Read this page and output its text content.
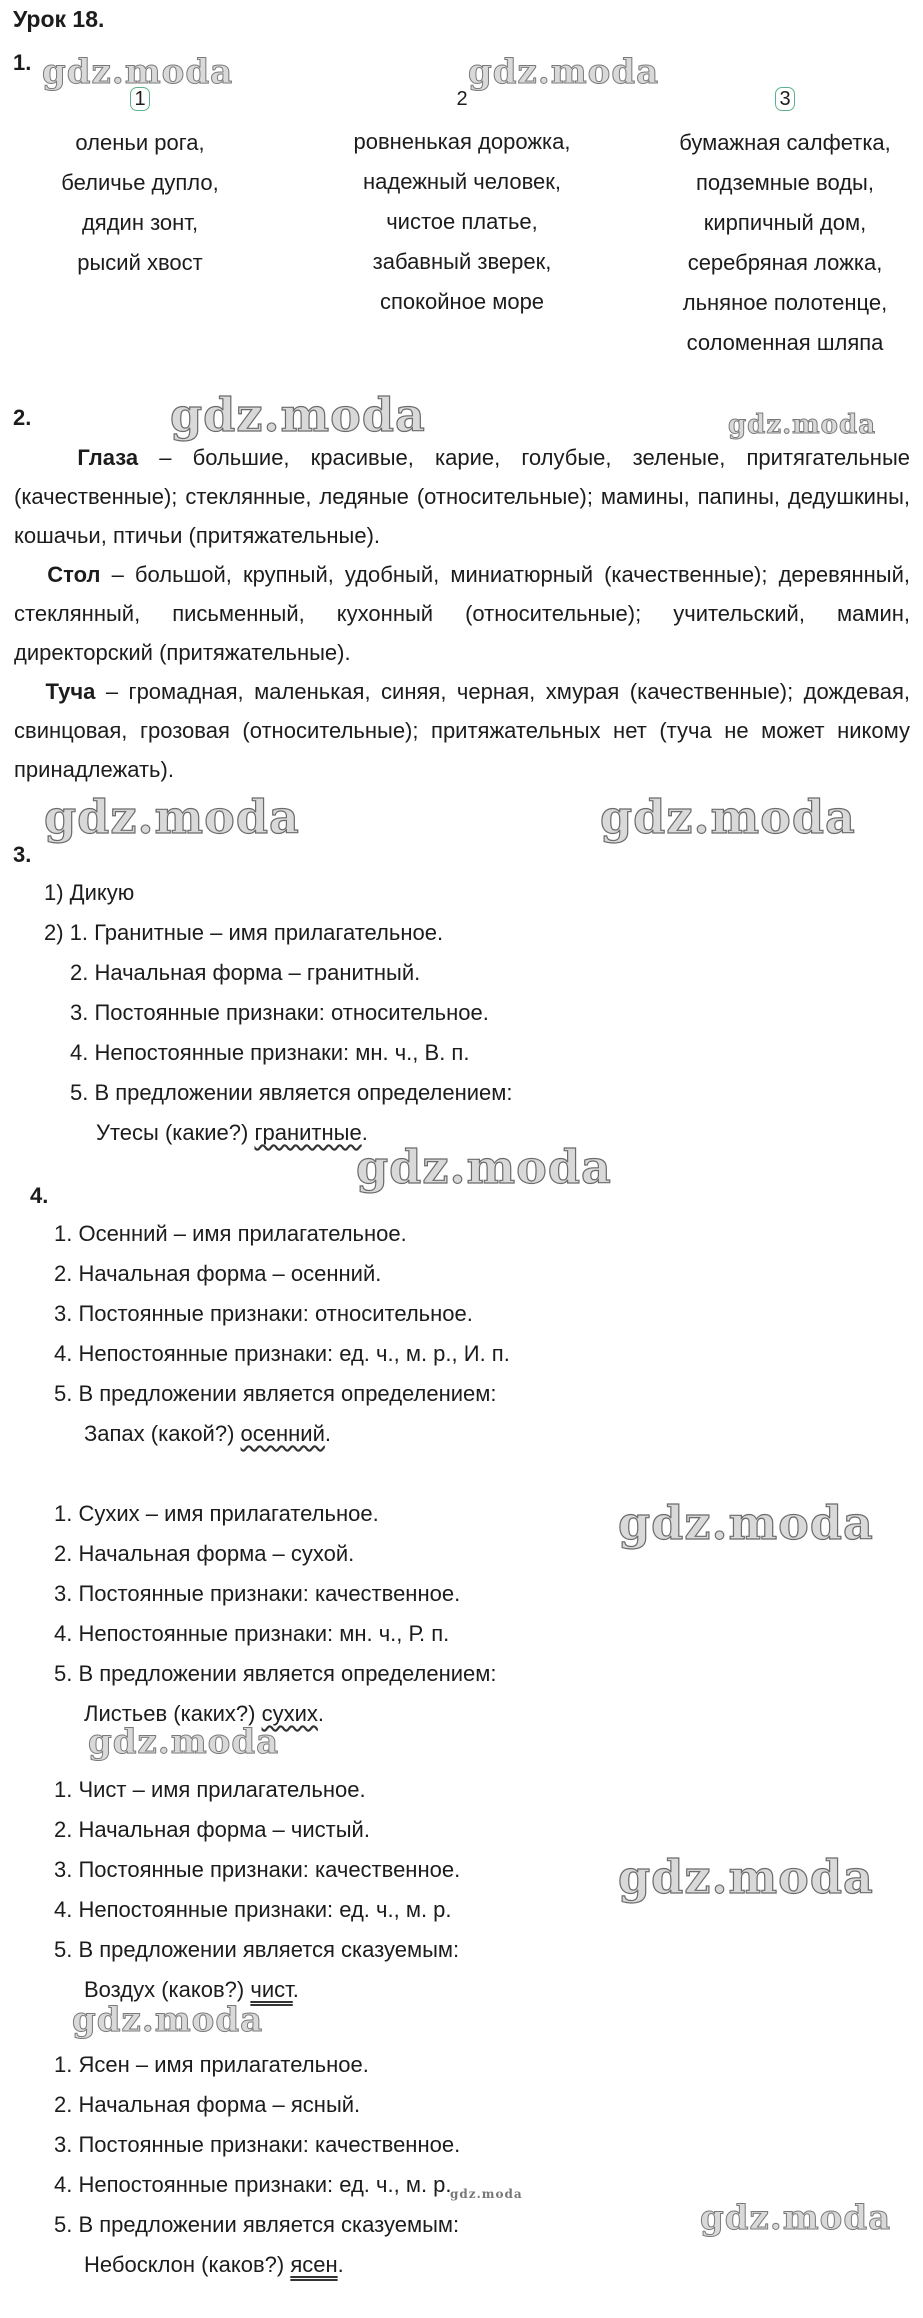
Урок 18.
gdz.moda	gdz.moda
gdz.moda	gdz.moda
gdz.moda	gdz.moda
gdz.moda
gdz.moda
gdz.moda
gdz.moda
gdz.moda
gdz.moda
gdz.moda
1.
1
оленьи рога,
беличье дупло,
дядин зонт,
рысий хвост
2
ровненькая дорожка,
надежный человек,
чистое платье,
забавный зверек,
спокойное море
3
бумажная салфетка,
подземные воды,
кирпичный дом,
серебряная ложка,
льняное полотенце,
соломенная шляпа
2.
Глаза – большие, красивые, карие, голубые, зеленые, притягательные (качественные); стеклянные, ледяные (относительные); мамины, папины, дедушкины, кошачьи, птичьи (притяжательные).
Стол – большой, крупный, удобный, миниатюрный (качественные); деревянный, стеклянный, письменный, кухонный (относительные); учительский, мамин, директорский (притяжательные).
Туча – громадная, маленькая, синяя, черная, хмурая (качественные); дождевая, свинцовая, грозовая (относительные); притяжательных нет (туча не может никому принадлежать).
3.
1) Дикую
2) 1. Гранитные – имя прилагательное.
2. Начальная форма – гранитный.
3. Постоянные признаки: относительное.
4. Непостоянные признаки: мн. ч., В. п.
5. В предложении является определением:
Утесы (какие?) гранитные.
4.
1. Осенний – имя прилагательное.
2. Начальная форма – осенний.
3. Постоянные признаки: относительное.
4. Непостоянные признаки: ед. ч., м. р., И. п.
5. В предложении является определением:
Запах (какой?) осенний.
1. Сухих – имя прилагательное.
2. Начальная форма – сухой.
3. Постоянные признаки: качественное.
4. Непостоянные признаки: мн. ч., Р. п.
5. В предложении является определением:
Листьев (каких?) сухих.
1. Чист – имя прилагательное.
2. Начальная форма – чистый.
3. Постоянные признаки: качественное.
4. Непостоянные признаки: ед. ч., м. р.
5. В предложении является сказуемым:
Воздух (каков?) чист.
1. Ясен – имя прилагательное.
2. Начальная форма – ясный.
3. Постоянные признаки: качественное.
4. Непостоянные признаки: ед. ч., м. р.
5. В предложении является сказуемым:
Небосклон (каков?) ясен.
